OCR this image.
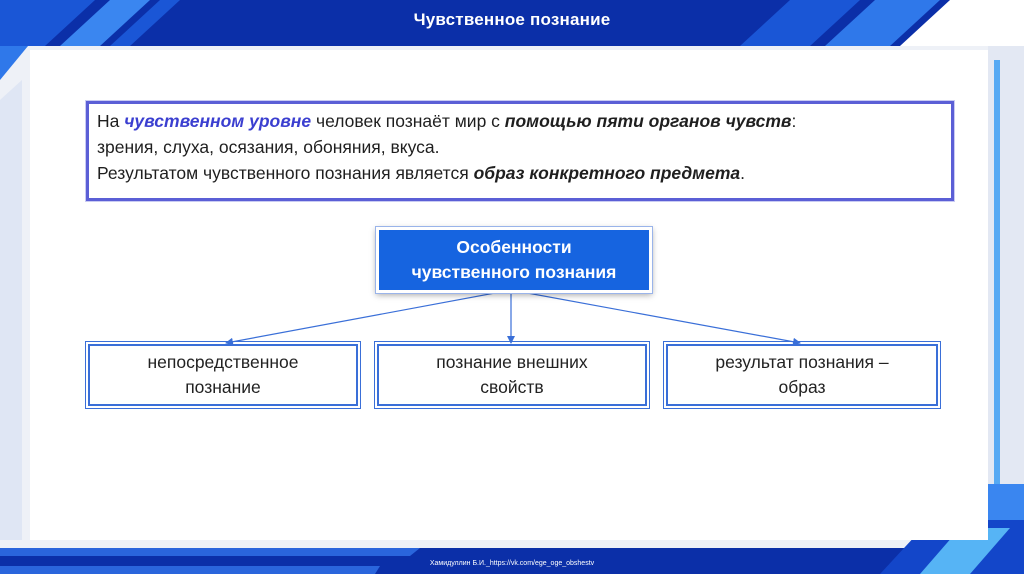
Чувственное познание
На чувственном уровне человек познаёт мир с помощью пяти органов чувств:
зрения, слуха, осязания, обоняния, вкуса.
Результатом чувственного познания является образ конкретного предмета.
Особенности
чувственного познания
непосредственное
познание
познание внешних
свойств
результат познания –
образ
Хамидуллин Б.И._https://vk.com/ege_oge_obshestv
